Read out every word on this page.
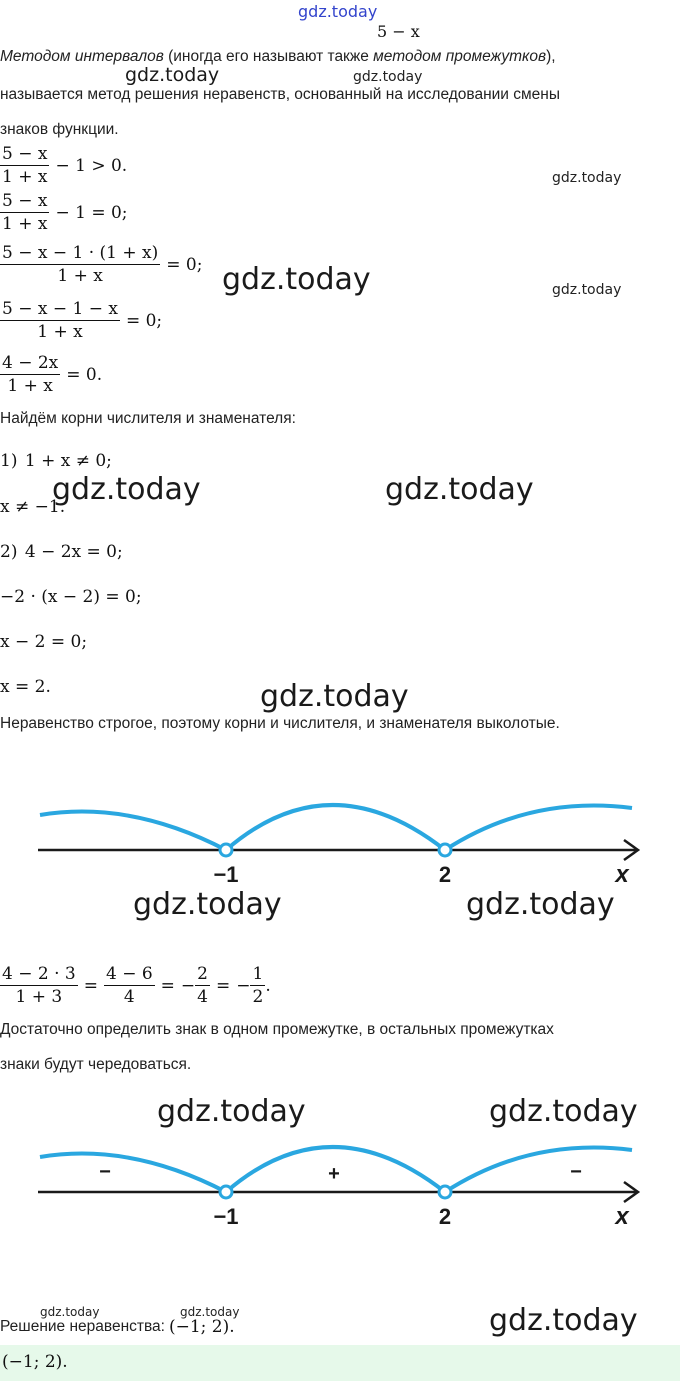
gdz.today
5 − x
Методом интервалов (иногда его называют также методом промежутков),
gdz.today	gdz.today
называется метод решения неравенств, основанный на исследовании смены
знаков функции.
$\frac{5 - x}{1 + x} - 1 > 0$.
gdz.today
$\frac{5 - x}{1 + x} - 1 = 0$;
$\frac{5 - x - 1 \cdot (1 + x)}{1 + x} = 0$; gdz.today	gdz.today
$\frac{5 - x - 1 - x}{1 + x} = 0$;
$\frac{4 - 2x}{1 + x} = 0$.
Найдём корни числителя и знаменателя:
1) 1 + x ≠ 0;
x ≠ −1.
gdz.today	gdz.today
2) 4 − 2x = 0;
−2 · (x − 2) = 0;
x − 2 = 0;
x = 2.	gdz.today
Неравенство строгое, поэтому корни и числителя, и знаменателя выколотые.
−1	2	x
gdz.today	gdz.today
$\frac{4 - 2 \cdot 3}{1 + 3} = \frac{4 - 6}{4}$ = − $\frac{2}{4}$ = − $\frac{1}{2}$ .
Достаточно определить знак в одном промежутке, в остальных промежутках
знаки будут чередоваться.
gdz.today	gdz.today
−	+	−
−1	2	x
gdz.today	gdz.today	gdz.today
Решение неравенства: (−1; 2).
(−1; 2).
